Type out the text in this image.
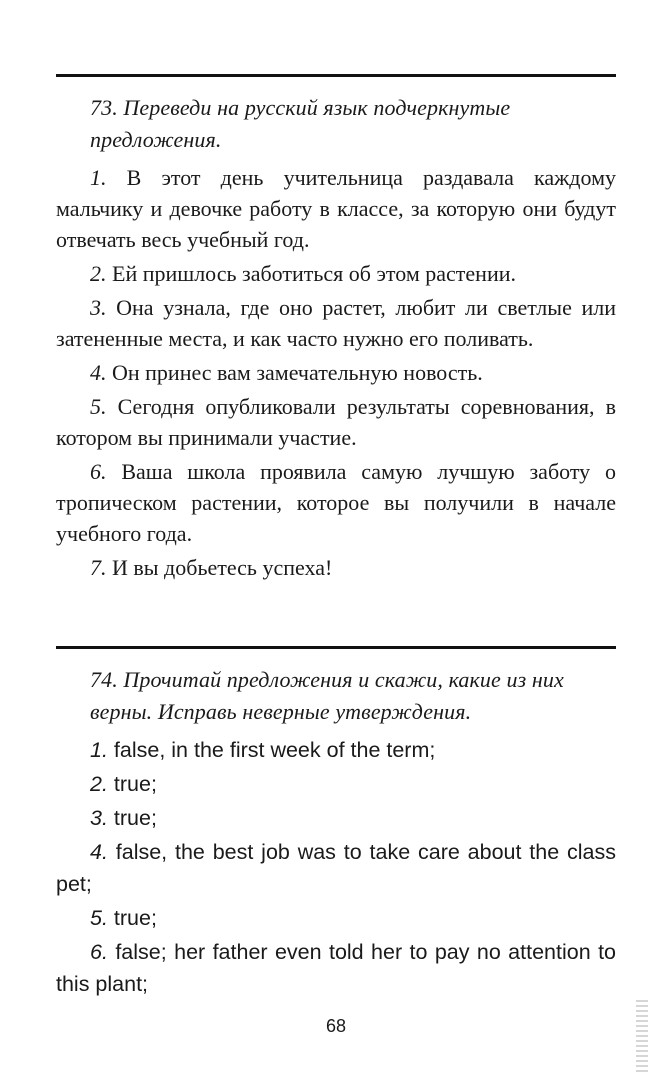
73. Переведи на русский язык подчеркнутые предложения.

1. В этот день учительница раздавала каждому мальчику и девочке работу в классе, за которую они будут отвечать весь учебный год.

2. Ей пришлось заботиться об этом растении.

3. Она узнала, где оно растет, любит ли светлые или затененные места, и как часто нужно его поливать.

4. Он принес вам замечательную новость.

5. Сегодня опубликовали результаты соревнования, в котором вы принимали участие.

6. Ваша школа проявила самую лучшую заботу о тропическом растении, которое вы получили в начале учебного года.

7. И вы добьетесь успеха!

74. Прочитай предложения и скажи, какие из них верны. Исправь неверные утверждения.

1. false, in the first week of the term;

2. true;

3. true;

4. false, the best job was to take care about the class pet;

5. true;

6. false; her father even told her to pay no attention to this plant;

68
